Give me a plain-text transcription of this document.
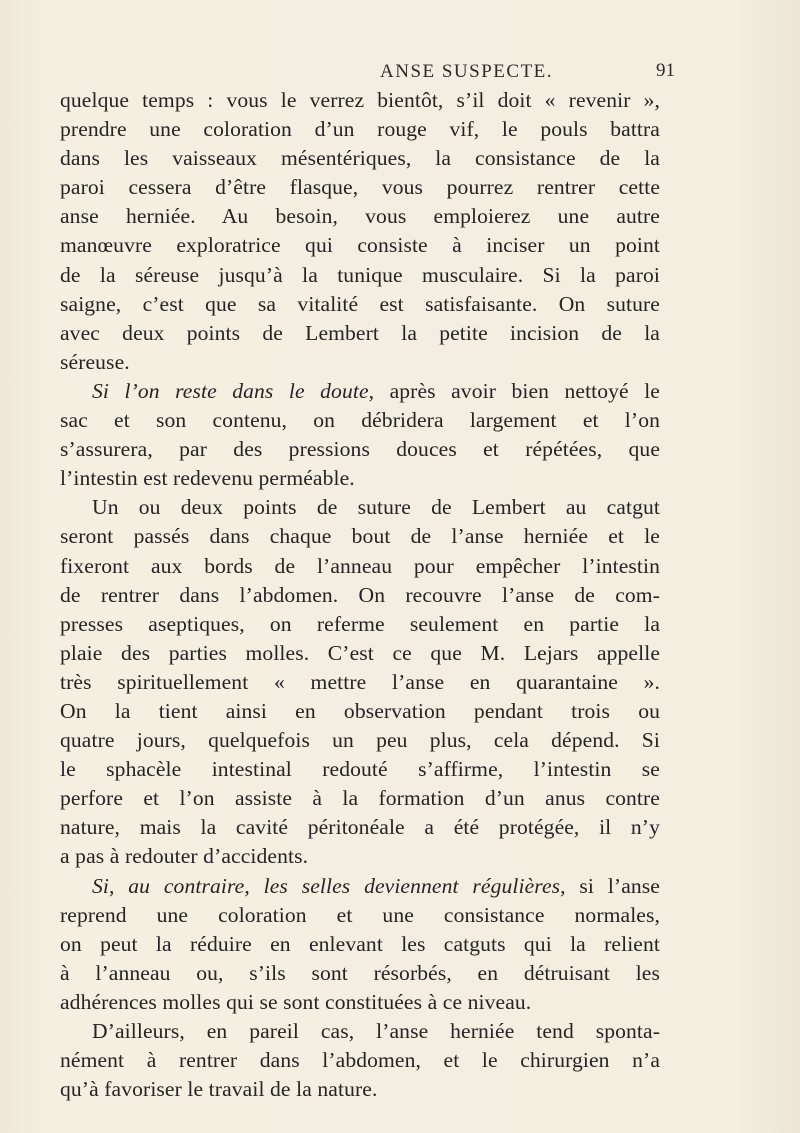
ANSE SUSPECTE.	91
quelque temps : vous le verrez bientôt, s’il doit « revenir »,
prendre une coloration d’un rouge vif, le pouls battra
dans les vaisseaux mésentériques, la consistance de la
paroi cessera d’être flasque, vous pourrez rentrer cette
anse herniée. Au besoin, vous emploierez une autre
manœuvre exploratrice qui consiste à inciser un point
de la séreuse jusqu’à la tunique musculaire. Si la paroi
saigne, c’est que sa vitalité est satisfaisante. On suture
avec deux points de Lembert la petite incision de la
séreuse.
Si l’on reste dans le doute, après avoir bien nettoyé le
sac et son contenu, on débridera largement et l’on
s’assurera, par des pressions douces et répétées, que
l’intestin est redevenu perméable.
Un ou deux points de suture de Lembert au catgut
seront passés dans chaque bout de l’anse herniée et le
fixeront aux bords de l’anneau pour empêcher l’intestin
de rentrer dans l’abdomen. On recouvre l’anse de com-
presses aseptiques, on referme seulement en partie la
plaie des parties molles. C’est ce que M. Lejars appelle
très spirituellement « mettre l’anse en quarantaine ».
On la tient ainsi en observation pendant trois ou
quatre jours, quelquefois un peu plus, cela dépend. Si
le sphacèle intestinal redouté s’affirme, l’intestin se
perfore et l’on assiste à la formation d’un anus contre
nature, mais la cavité péritonéale a été protégée, il n’y
a pas à redouter d’accidents.
Si, au contraire, les selles deviennent régulières, si l’anse
reprend une coloration et une consistance normales,
on peut la réduire en enlevant les catguts qui la relient
à l’anneau ou, s’ils sont résorbés, en détruisant les
adhérences molles qui se sont constituées à ce niveau.
D’ailleurs, en pareil cas, l’anse herniée tend sponta-
nément à rentrer dans l’abdomen, et le chirurgien n’a
qu’à favoriser le travail de la nature.
